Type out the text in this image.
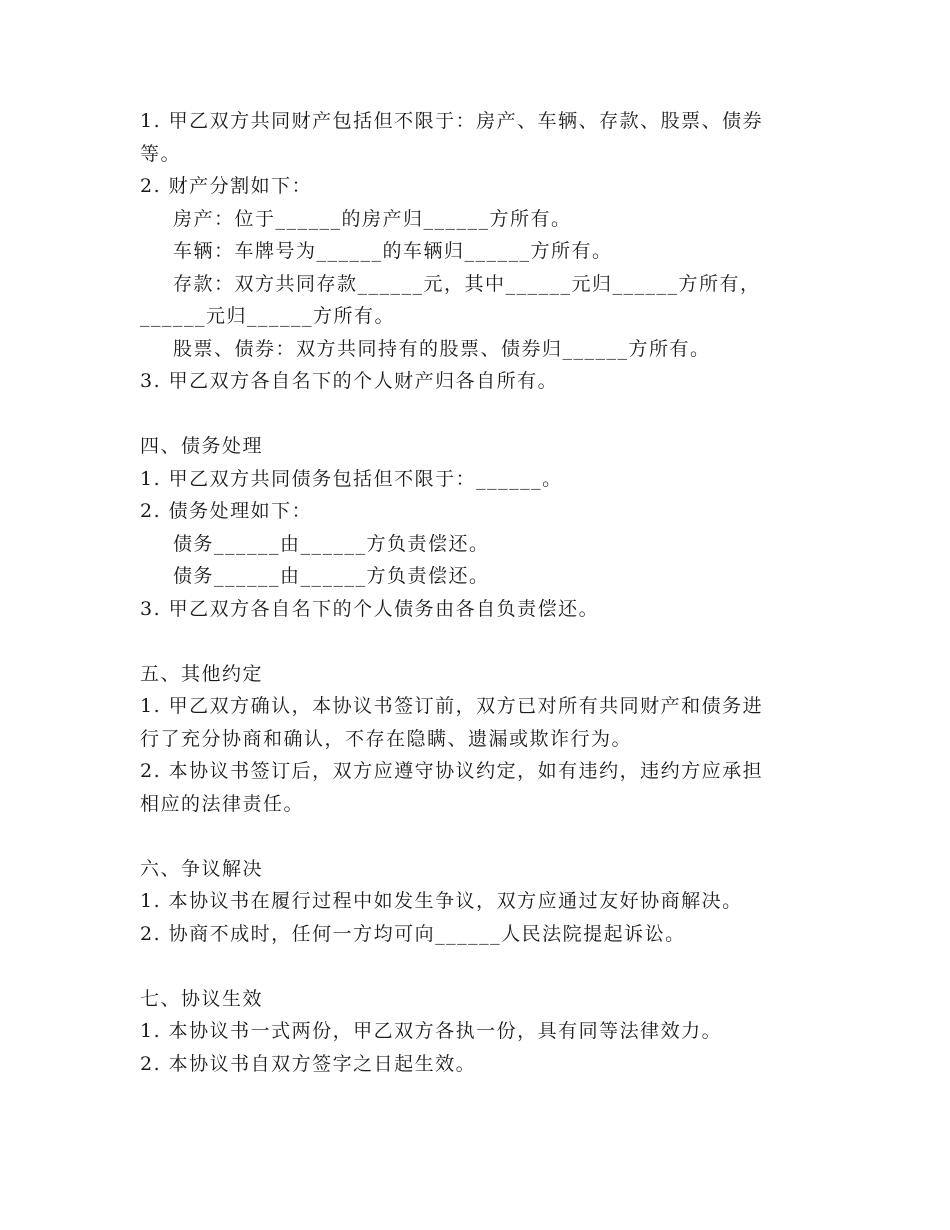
1. 甲乙双方共同财产包括但不限于：房产、车辆、存款、股票、债券
等。
2. 财产分割如下：
房产：位于______的房产归______方所有。
车辆：车牌号为______的车辆归______方所有。
存款：双方共同存款______元，其中______元归______方所有，
______元归______方所有。
股票、债券：双方共同持有的股票、债券归______方所有。
3. 甲乙双方各自名下的个人财产归各自所有。
四、债务处理
1. 甲乙双方共同债务包括但不限于：______。
2. 债务处理如下：
债务______由______方负责偿还。
债务______由______方负责偿还。
3. 甲乙双方各自名下的个人债务由各自负责偿还。
五、其他约定
1. 甲乙双方确认，本协议书签订前，双方已对所有共同财产和债务进
行了充分协商和确认，不存在隐瞒、遗漏或欺诈行为。
2. 本协议书签订后，双方应遵守协议约定，如有违约，违约方应承担
相应的法律责任。
六、争议解决
1. 本协议书在履行过程中如发生争议，双方应通过友好协商解决。
2. 协商不成时，任何一方均可向______人民法院提起诉讼。
七、协议生效
1. 本协议书一式两份，甲乙双方各执一份，具有同等法律效力。
2. 本协议书自双方签字之日起生效。
